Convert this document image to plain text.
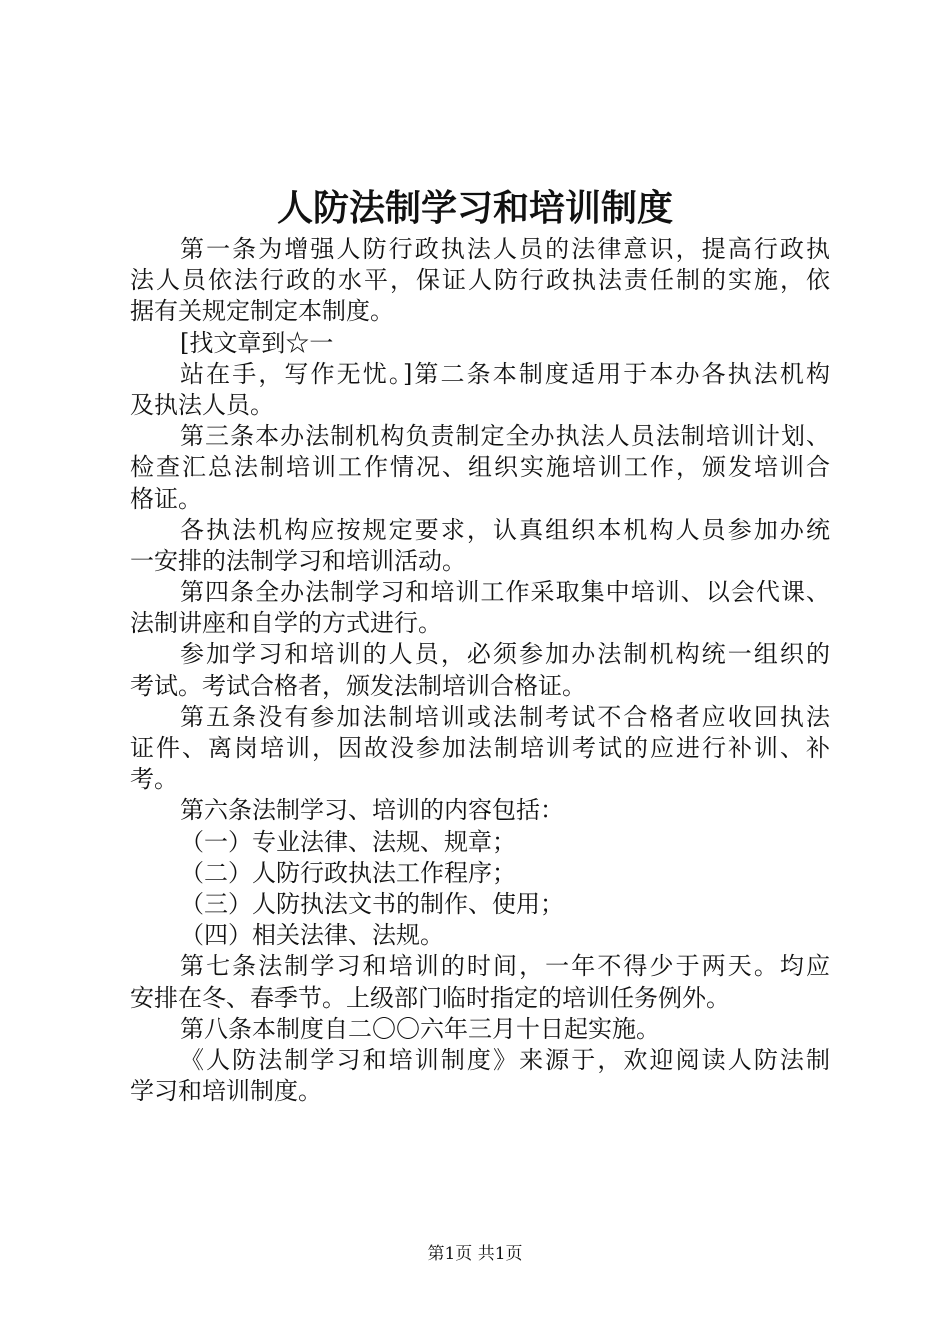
人防法制学习和培训制度
第一条为增强人防行政执法人员的法律意识，提高行政执
法人员依法行政的水平，保证人防行政执法责任制的实施，依
据有关规定制定本制度。
[找文章到☆一
站在手，写作无忧。]第二条本制度适用于本办各执法机构
及执法人员。
第三条本办法制机构负责制定全办执法人员法制培训计划、
检查汇总法制培训工作情况、组织实施培训工作，颁发培训合
格证。
各执法机构应按规定要求，认真组织本机构人员参加办统
一安排的法制学习和培训活动。
第四条全办法制学习和培训工作采取集中培训、以会代课、
法制讲座和自学的方式进行。
参加学习和培训的人员，必须参加办法制机构统一组织的
考试。考试合格者，颁发法制培训合格证。
第五条没有参加法制培训或法制考试不合格者应收回执法
证件、离岗培训，因故没参加法制培训考试的应进行补训、补
考。
第六条法制学习、培训的内容包括：
（一）专业法律、法规、规章；
（二）人防行政执法工作程序；
（三）人防执法文书的制作、使用；
（四）相关法律、法规。
第七条法制学习和培训的时间，一年不得少于两天。均应
安排在冬、春季节。上级部门临时指定的培训任务例外。
第八条本制度自二〇〇六年三月十日起实施。
《人防法制学习和培训制度》来源于，欢迎阅读人防法制
学习和培训制度。
第1页 共1页
